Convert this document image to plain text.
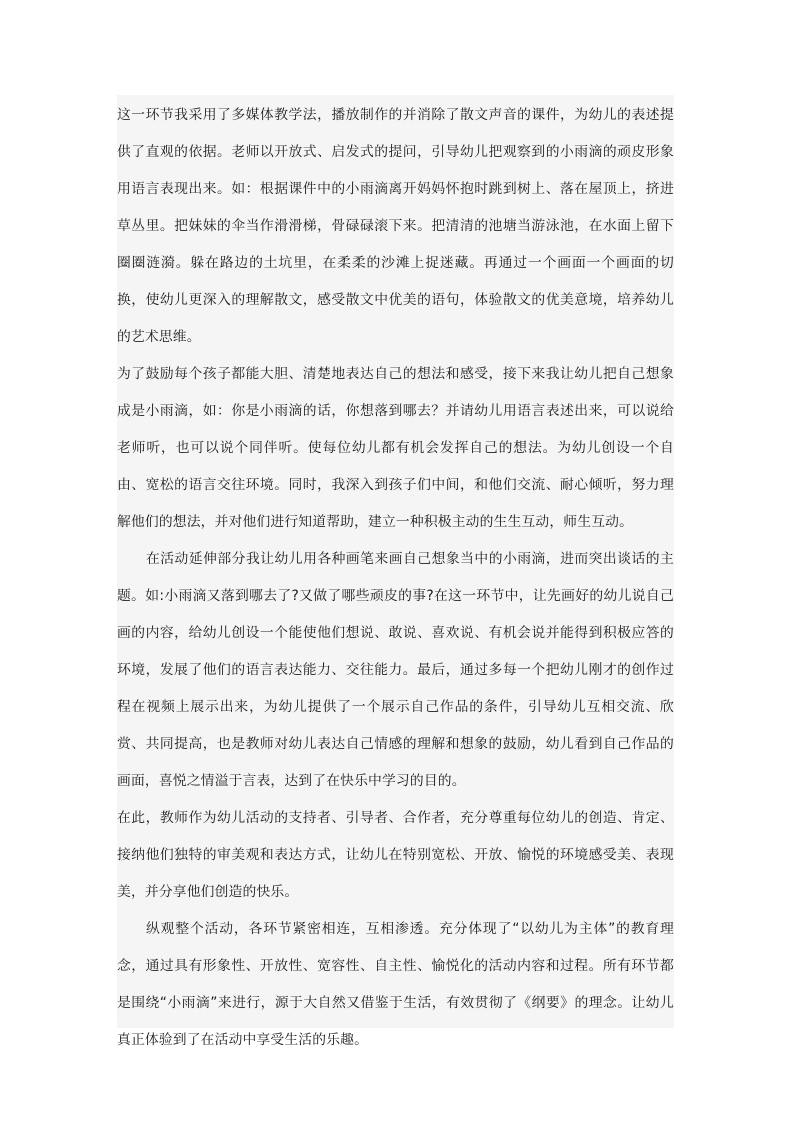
这一环节我采用了多媒体教学法，播放制作的并消除了散文声音的课件，为幼儿的表述提供了直观的依据。老师以开放式、启发式的提问，引导幼儿把观察到的小雨滴的顽皮形象用语言表现出来。如：根据课件中的小雨滴离开妈妈怀抱时跳到树上、落在屋顶上，挤进草丛里。把妹妹的伞当作滑滑梯，骨碌碌滚下来。把清清的池塘当游泳池，在水面上留下圈圈涟漪。躲在路边的土坑里，在柔柔的沙滩上捉迷藏。再通过一个画面一个画面的切换，使幼儿更深入的理解散文，感受散文中优美的语句，体验散文的优美意境，培养幼儿的艺术思维。

为了鼓励每个孩子都能大胆、清楚地表达自己的想法和感受，接下来我让幼儿把自己想象成是小雨滴，如：你是小雨滴的话，你想落到哪去？并请幼儿用语言表述出来，可以说给老师听，也可以说个同伴听。使每位幼儿都有机会发挥自己的想法。为幼儿创设一个自由、宽松的语言交往环境。同时，我深入到孩子们中间，和他们交流、耐心倾听，努力理解他们的想法，并对他们进行知道帮助，建立一种积极主动的生生互动，师生互动。

在活动延伸部分我让幼儿用各种画笔来画自己想象当中的小雨滴，进而突出谈话的主题。如:小雨滴又落到哪去了?又做了哪些顽皮的事?在这一环节中，让先画好的幼儿说自己画的内容，给幼儿创设一个能使他们想说、敢说、喜欢说、有机会说并能得到积极应答的环境，发展了他们的语言表达能力、交往能力。最后，通过多每一个把幼儿刚才的创作过程在视频上展示出来，为幼儿提供了一个展示自己作品的条件，引导幼儿互相交流、欣赏、共同提高，也是教师对幼儿表达自己情感的理解和想象的鼓励，幼儿看到自己作品的画面，喜悦之情溢于言表，达到了在快乐中学习的目的。

在此，教师作为幼儿活动的支持者、引导者、合作者，充分尊重每位幼儿的创造、肯定、接纳他们独特的审美观和表达方式，让幼儿在特别宽松、开放、愉悦的环境感受美、表现美，并分享他们创造的快乐。

纵观整个活动，各环节紧密相连，互相渗透。充分体现了“以幼儿为主体”的教育理念，通过具有形象性、开放性、宽容性、自主性、愉悦化的活动内容和过程。所有环节都是围绕“小雨滴”来进行，源于大自然又借鉴于生活，有效贯彻了《纲要》的理念。让幼儿真正体验到了在活动中享受生活的乐趣。
